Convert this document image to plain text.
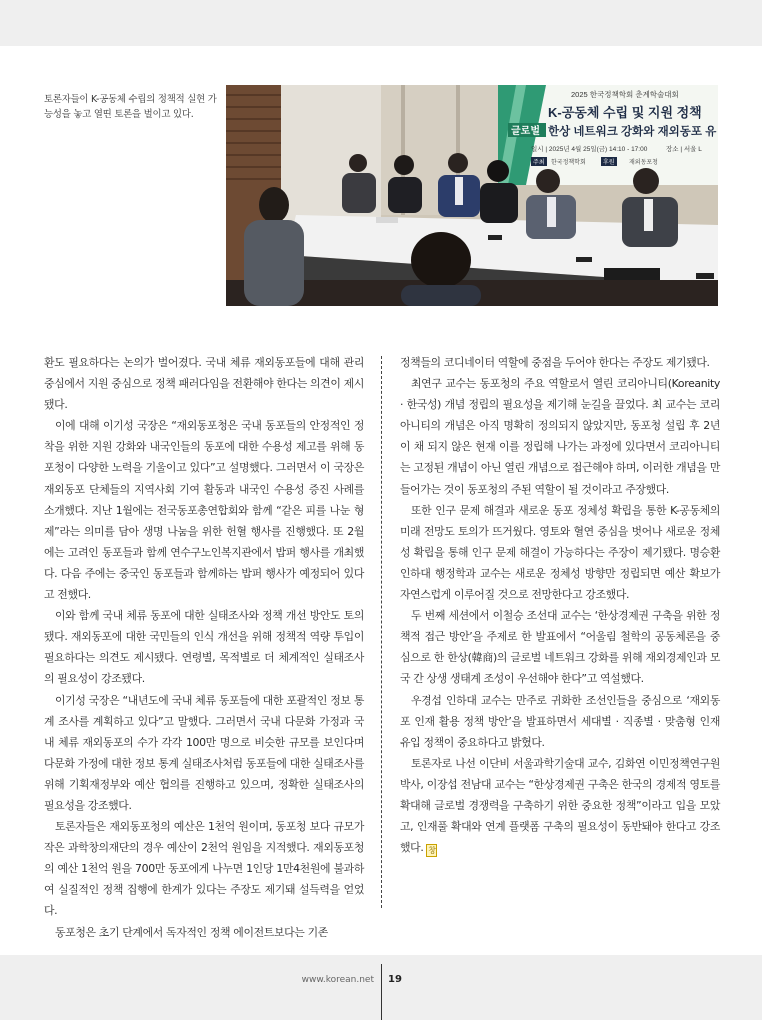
토론자들이 K-공동체 수립의 정책적 실현 가능성을 놓고 열띤 토론을 벌이고 있다.
2025 한국정책학회 춘계학술대회
K-공동체 수립 및 지원 정책
글로벌 한상 네트워크 강화와 재외동포 유
일시 | 2025년 4월 25일(금) 14:10 - 17:00	장소 | 서울 L
주최 한국정책학회	후원 재외동포청

환도 필요하다는 논의가 벌어졌다. 국내 체류 재외동포들에 대해 관리 중심에서 지원 중심으로 정책 패러다임을 전환해야 한다는 의견이 제시됐다.

이에 대해 이기성 국장은 “재외동포청은 국내 동포들의 안정적인 정착을 위한 지원 강화와 내국인들의 동포에 대한 수용성 제고를 위해 동포청이 다양한 노력을 기울이고 있다”고 설명했다. 그러면서 이 국장은 재외동포 단체들의 지역사회 기여 활동과 내국인 수용성 증진 사례를 소개했다. 지난 1월에는 전국동포총연합회와 함께 “같은 피를 나눈 형제”라는 의미를 담아 생명 나눔을 위한 헌혈 행사를 진행했다. 또 2월에는 고려인 동포들과 함께 연수구노인복지관에서 밥퍼 행사를 개최했다. 다음 주에는 중국인 동포들과 함께하는 밥퍼 행사가 예정되어 있다고 전했다.

이와 함께 국내 체류 동포에 대한 실태조사와 정책 개선 방안도 토의됐다. 재외동포에 대한 국민들의 인식 개선을 위해 정책적 역량 투입이 필요하다는 의견도 제시됐다. 연령별, 목적별로 더 체계적인 실태조사의 필요성이 강조됐다.

이기성 국장은 “내년도에 국내 체류 동포들에 대한 포괄적인 정보 통계 조사를 계획하고 있다”고 말했다. 그러면서 국내 다문화 가정과 국내 체류 재외동포의 수가 각각 100만 명으로 비슷한 규모를 보인다며 다문화 가정에 대한 정보 통계 실태조사처럼 동포들에 대한 실태조사를 위해 기획재정부와 예산 협의를 진행하고 있으며, 정확한 실태조사의 필요성을 강조했다.

토론자들은 재외동포청의 예산은 1천억 원이며, 동포청 보다 규모가 작은 과학창의재단의 경우 예산이 2천억 원임을 지적했다. 재외동포청의 예산 1천억 원을 700만 동포에게 나누면 1인당 1만4천원에 불과하여 실질적인 정책 집행에 한계가 있다는 주장도 제기돼 설득력을 얻었다.

동포청은 초기 단계에서 독자적인 정책 에이전트보다는 기존

정책들의 코디네이터 역할에 중점을 두어야 한다는 주장도 제기됐다.

최연구 교수는 동포청의 주요 역할로서 열린 코리아니티(Koreanity · 한국성) 개념 정립의 필요성을 제기해 눈길을 끌었다. 최 교수는 코리아니티의 개념은 아직 명확히 정의되지 않았지만, 동포청 설립 후 2년이 채 되지 않은 현재 이를 정립해 나가는 과정에 있다면서 코리아니티는 고정된 개념이 아닌 열린 개념으로 접근해야 하며, 이러한 개념을 만들어가는 것이 동포청의 주된 역할이 될 것이라고 주장했다.

또한 인구 문제 해결과 새로운 동포 정체성 확립을 통한 K-공동체의 미래 전망도 토의가 뜨거웠다. 영토와 혈연 중심을 벗어나 새로운 정체성 확립을 통해 인구 문제 해결이 가능하다는 주장이 제기됐다. 명승환 인하대 행정학과 교수는 새로운 정체성 방향만 정립되면 예산 확보가 자연스럽게 이루어질 것으로 전망한다고 강조했다.

두 번째 세션에서 이철승 조선대 교수는 ‘한상경제권 구축을 위한 정책적 접근 방안’을 주제로 한 발표에서 “어울림 철학의 공동체론을 중심으로 한 한상(韓商)의 글로벌 네트워크 강화를 위해 재외경제인과 모국 간 상생 생태계 조성이 우선해야 한다”고 역설했다.

우경섭 인하대 교수는 만주로 귀화한 조선인들을 중심으로 ‘재외동포 인재 활용 정책 방안’을 발표하면서 세대별 · 직종별 · 맞춤형 인재 유입 정책이 중요하다고 밝혔다.

토론자로 나선 이단비 서울과학기술대 교수, 김화연 이민정책연구원 박사, 이장섭 전남대 교수는 “한상경제권 구축은 한국의 경제적 영토를 확대해 글로벌 경쟁력을 구축하기 위한 중요한 정책”이라고 입을 모았고, 인재풀 확대와 연계 플랫폼 구축의 필요성이 동반돼야 한다고 강조했다. 창

www.korean.net 19
